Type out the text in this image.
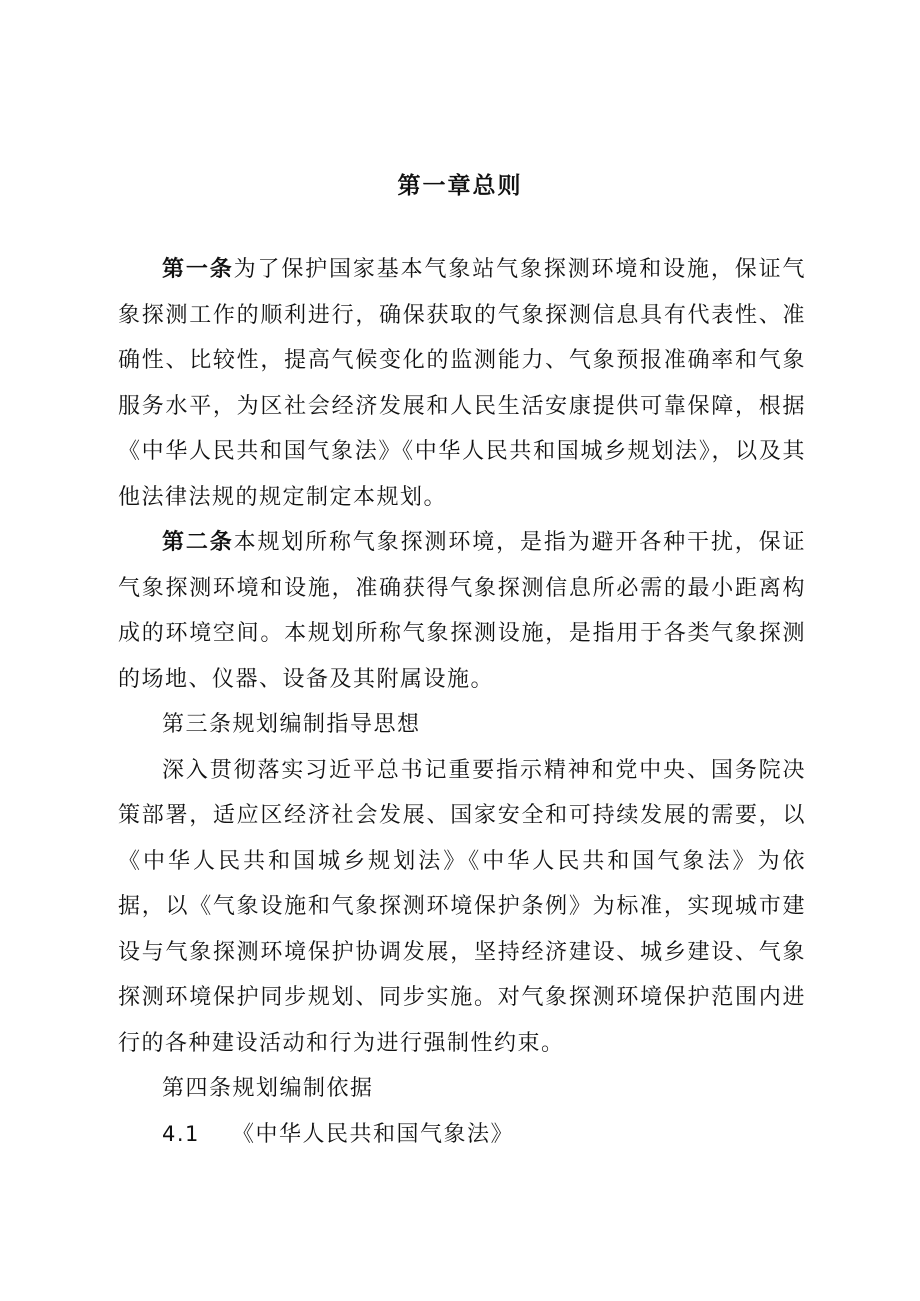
第一章总则

第一条为了保护国家基本气象站气象探测环境和设施，保证气象探测工作的顺利进行，确保获取的气象探测信息具有代表性、准确性、比较性，提高气候变化的监测能力、气象预报准确率和气象服务水平，为区社会经济发展和人民生活安康提供可靠保障，根据《中华人民共和国气象法》《中华人民共和国城乡规划法》，以及其他法律法规的规定制定本规划。

第二条本规划所称气象探测环境，是指为避开各种干扰，保证气象探测环境和设施，准确获得气象探测信息所必需的最小距离构成的环境空间。本规划所称气象探测设施，是指用于各类气象探测的场地、仪器、设备及其附属设施。

第三条规划编制指导思想

深入贯彻落实习近平总书记重要指示精神和党中央、国务院决策部署，适应区经济社会发展、国家安全和可持续发展的需要，以《中华人民共和国城乡规划法》《中华人民共和国气象法》为依据，以《气象设施和气象探测环境保护条例》为标准，实现城市建设与气象探测环境保护协调发展，坚持经济建设、城乡建设、气象探测环境保护同步规划、同步实施。对气象探测环境保护范围内进行的各种建设活动和行为进行强制性约束。

第四条规划编制依据

4.1 《中华人民共和国气象法》
